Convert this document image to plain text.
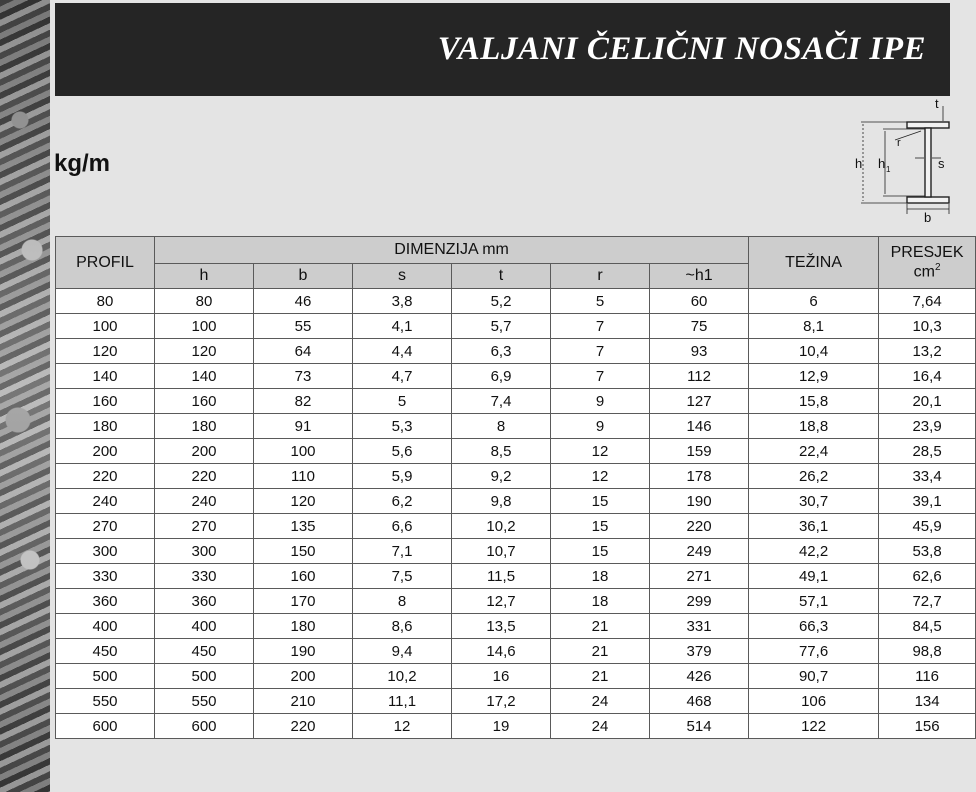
VALJANI ČELIČNI NOSAČI IPE
kg/m
t
r
h h 1	s
b
PROFIL	DIMENZIJA mm						TEŽINA	PRESJEK
$cm^2$
	h	b	s	t	r	~h1		
80	80	46	3,8	5,2	5	60	6	7,64
100	100	55	4,1	5,7	7	75	8,1	10,3
120	120	64	4,4	6,3	7	93	10,4	13,2
140	140	73	4,7	6,9	7	112	12,9	16,4
160	160	82	5	7,4	9	127	15,8	20,1
180	180	91	5,3	8	9	146	18,8	23,9
200	200	100	5,6	8,5	12	159	22,4	28,5
220	220	110	5,9	9,2	12	178	26,2	33,4
240	240	120	6,2	9,8	15	190	30,7	39,1
270	270	135	6,6	10,2	15	220	36,1	45,9
300	300	150	7,1	10,7	15	249	42,2	53,8
330	330	160	7,5	11,5	18	271	49,1	62,6
360	360	170	8	12,7	18	299	57,1	72,7
400	400	180	8,6	13,5	21	331	66,3	84,5
450	450	190	9,4	14,6	21	379	77,6	98,8
500	500	200	10,2	16	21	426	90,7	116
550	550	210	11,1	17,2	24	468	106	134
600	600	220	12	19	24	514	122	156
